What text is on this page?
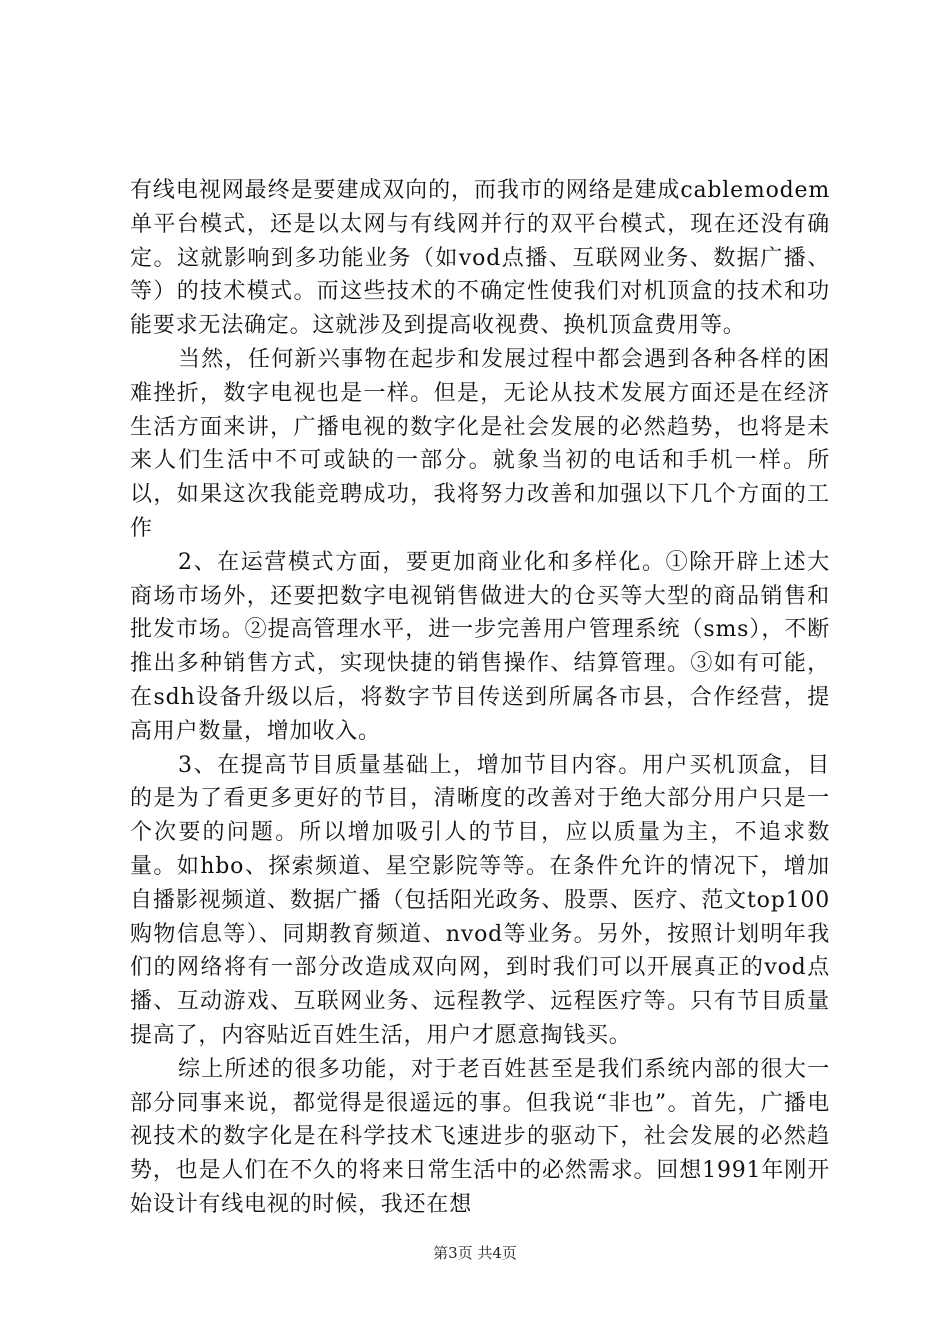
有线电视网最终是要建成双向的，而我市的网络是建成cablemodem单平台模式，还是以太网与有线网并行的双平台模式，现在还没有确定。这就影响到多功能业务（如vod点播、互联网业务、数据广播、等）的技术模式。而这些技术的不确定性使我们对机顶盒的技术和功能要求无法确定。这就涉及到提高收视费、换机顶盒费用等。

当然，任何新兴事物在起步和发展过程中都会遇到各种各样的困难挫折，数字电视也是一样。但是，无论从技术发展方面还是在经济生活方面来讲，广播电视的数字化是社会发展的必然趋势，也将是未来人们生活中不可或缺的一部分。就象当初的电话和手机一样。所以，如果这次我能竞聘成功，我将努力改善和加强以下几个方面的工作

2、在运营模式方面，要更加商业化和多样化。①除开辟上述大商场市场外，还要把数字电视销售做进大的仓买等大型的商品销售和批发市场。②提高管理水平，进一步完善用户管理系统（sms），不断推出多种销售方式，实现快捷的销售操作、结算管理。③如有可能，在sdh设备升级以后，将数字节目传送到所属各市县，合作经营，提高用户数量，增加收入。

3、在提高节目质量基础上，增加节目内容。用户买机顶盒，目的是为了看更多更好的节目，清晰度的改善对于绝大部分用户只是一个次要的问题。所以增加吸引人的节目，应以质量为主，不追求数量。如hbo、探索频道、星空影院等等。在条件允许的情况下，增加自播影视频道、数据广播（包括阳光政务、股票、医疗、范文top100购物信息等）、同期教育频道、nvod等业务。另外，按照计划明年我们的网络将有一部分改造成双向网，到时我们可以开展真正的vod点播、互动游戏、互联网业务、远程教学、远程医疗等。只有节目质量提高了，内容贴近百姓生活，用户才愿意掏钱买。

综上所述的很多功能，对于老百姓甚至是我们系统内部的很大一部分同事来说，都觉得是很遥远的事。但我说“非也”。首先，广播电视技术的数字化是在科学技术飞速进步的驱动下，社会发展的必然趋势，也是人们在不久的将来日常生活中的必然需求。回想1991年刚开始设计有线电视的时候，我还在想

第3页 共4页
